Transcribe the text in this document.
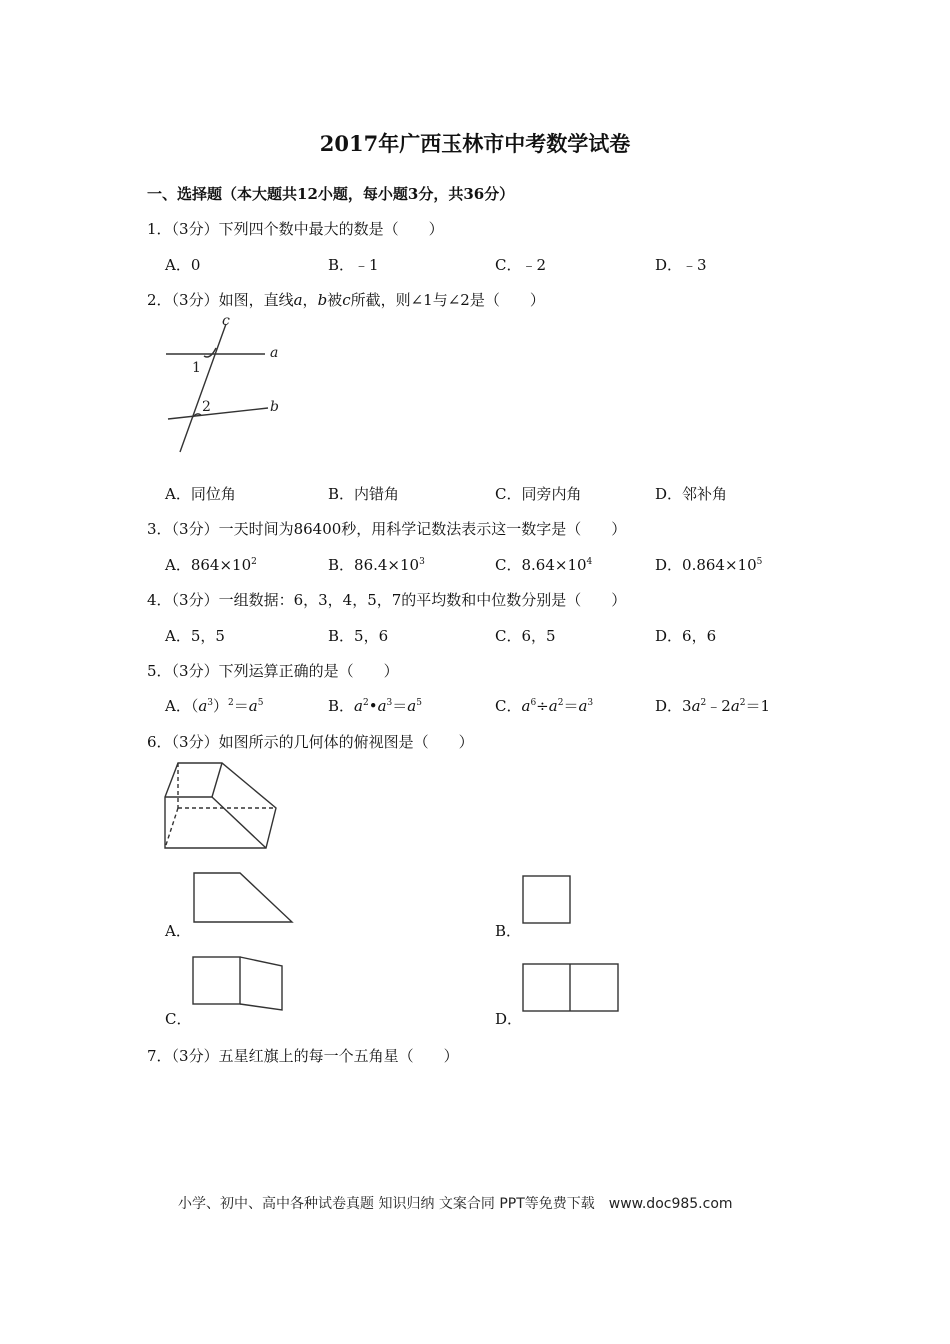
2017年广西玉林市中考数学试卷
一、选择题（本大题共12小题，每小题3分，共36分）
1．（3分）下列四个数中最大的数是（　　）
A．0	B．﹣1	C．﹣2	D．﹣3
2．（3分）如图，直线a，b被c所截，则∠1与∠2是（　　）
c
a
b
1
2
A．同位角	B．内错角	C．同旁内角	D．邻补角
3．（3分）一天时间为86400秒，用科学记数法表示这一数字是（　　）
A．$864\times 10^2$	B．$86.4\times 10^3$	C．$8.64\times 10^4$	D．$0.864\times 10^5$
4．（3分）一组数据：6，3，4，5，7的平均数和中位数分别是（　　）
A．5，5	B．5，6	C．6，5	D．6，6
5．（3分）下列运算正确的是（　　）
A．$(a^3)^2=a^5$	B．$a^2•a^3=a^5$	C．$a^6\div a^2=a^3$	D．$3a^2﹣2a^2=1$
6．（3分）如图所示的几何体的俯视图是（　　）
A．	B．
C．	D．
7．（3分）五星红旗上的每一个五角星（　　）
小学、初中、高中各种试卷真题 知识归纳 文案合同 PPT等免费下载　www.doc985.com
